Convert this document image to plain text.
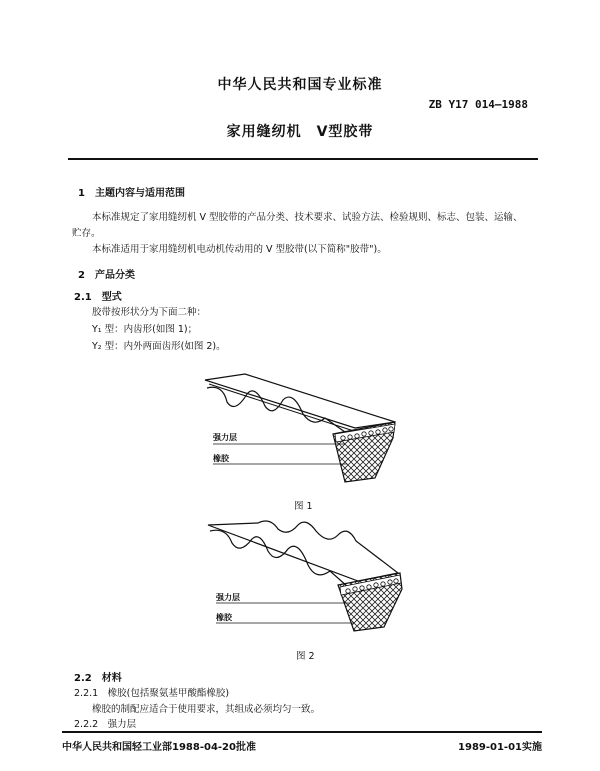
中华人民共和国专业标准
ZB Y17 014—1988
家用缝纫机　V型胶带
1　主题内容与适用范围
本标准规定了家用缝纫机 V 型胶带的产品分类、技术要求、试验方法、检验规则、标志、包装、运输、
贮存。
本标准适用于家用缝纫机电动机传动用的 V 型胶带(以下简称"胶带")。
2　产品分类
2.1　型式
胶带按形状分为下面二种：
Y₁ 型：内齿形(如图 1)；
Y₂ 型：内外两面齿形(如图 2)。
强力层
橡胶
图 1
强力层
橡胶
图 2
2.2　材料
2.2.1　橡胶(包括聚氨基甲酸酯橡胶)
橡胶的制配应适合于使用要求，其组成必须均匀一致。
2.2.2　强力层
中华人民共和国轻工业部1988-04-20批准	1989-01-01实施
